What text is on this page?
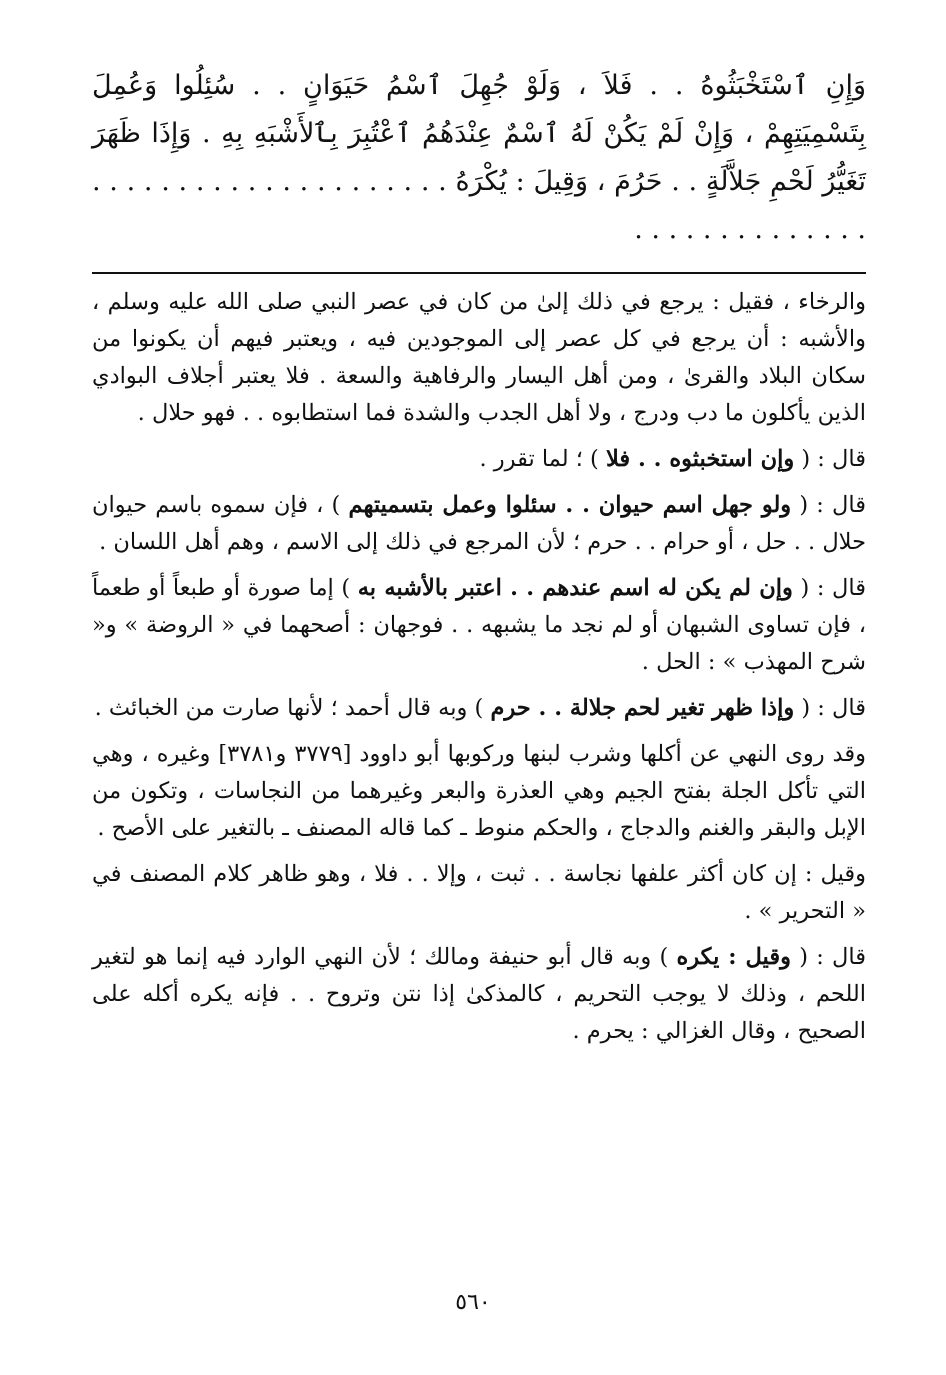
وَإِنِ ٱسْتَخْبَثُوهُ . . فَلاَ ، وَلَوْ جُهِلَ ٱسْمُ حَيَوَانٍ . . سُئِلُوا وَعُمِلَ بِتَسْمِيَتِهِمْ ، وَإِنْ لَمْ يَكُنْ لَهُ ٱسْمٌ عِنْدَهُمُ ٱعْتُبِرَ بِٱلأَشْبَهِ بِهِ . وَإِذَا ظَهَرَ تَغَيُّرُ لَحْمِ جَلاَّلَةٍ . . حَرُمَ ، وَقِيلَ : يُكْرَهُ . . . . . . . . . . . . . . . . . . . . . . . . . . . . . . . . . . .

والرخاء ، فقيل : يرجع في ذلك إلىٰ من كان في عصر النبي صلى الله عليه وسلم ، والأشبه : أن يرجع في كل عصر إلى الموجودين فيه ، ويعتبر فيهم أن يكونوا من سكان البلاد والقرىٰ ، ومن أهل اليسار والرفاهية والسعة . فلا يعتبر أجلاف البوادي الذين يأكلون ما دب ودرج ، ولا أهل الجدب والشدة فما استطابوه . . فهو حلال .

قال : ( وإن استخبثوه . . فلا ) ؛ لما تقرر .

قال : ( ولو جهل اسم حيوان . . سئلوا وعمل بتسميتهم ) ، فإن سموه باسم حيوان حلال . . حل ، أو حرام . . حرم ؛ لأن المرجع في ذلك إلى الاسم ، وهم أهل اللسان .

قال : ( وإن لم يكن له اسم عندهم . . اعتبر بالأشبه به ) إما صورة أو طبعاً أو طعماً ، فإن تساوى الشبهان أو لم نجد ما يشبهه . . فوجهان : أصحهما في « الروضة » و« شرح المهذب » : الحل .

قال : ( وإذا ظهر تغير لحم جلالة . . حرم ) وبه قال أحمد ؛ لأنها صارت من الخبائث .

وقد روى النهي عن أكلها وشرب لبنها وركوبها أبو داوود [٣٧٧٩ و٣٧٨١] وغيره ، وهي التي تأكل الجلة بفتح الجيم وهي العذرة والبعر وغيرهما من النجاسات ، وتكون من الإبل والبقر والغنم والدجاج ، والحكم منوط ـ كما قاله المصنف ـ بالتغير على الأصح .

وقيل : إن كان أكثر علفها نجاسة . . ثبت ، وإلا . . فلا ، وهو ظاهر كلام المصنف في « التحرير » .

قال : ( وقيل : يكره ) وبه قال أبو حنيفة ومالك ؛ لأن النهي الوارد فيه إنما هو لتغير اللحم ، وذلك لا يوجب التحريم ، كالمذكىٰ إذا نتن وتروح . . فإنه يكره أكله على الصحيح ، وقال الغزالي : يحرم .

٥٦٠
